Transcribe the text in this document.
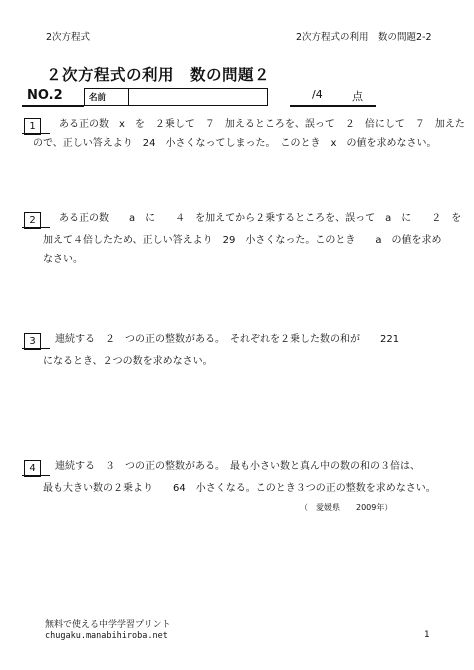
2次方程式	2次方程式の利用　数の問題2-2
２次方程式の利用　数の問題２
NO.2	名前	/4	点
1	ある正の数　x　を　２乗して　７　加えるところを、誤って　２　倍にして　７　加えた
ので、正しい答えより　24　小さくなってしまった。　このとき　x　の値を求めなさい。
2	ある正の数　　a　に　　４　を加えてから２乗するところを、誤って　a　に　　２　を
加えて４倍したため、正しい答えより　29　小さくなった。このとき　　a　の値を求め
なさい。
3	連続する　２　つの正の整数がある。　それぞれを２乗した数の和が　　221
になるとき、２つの数を求めなさい。
4	連続する　３　つの正の整数がある。　最も小さい数と真ん中の数の和の３倍は、
最も大きい数の２乗より　　64　小さくなる。このとき３つの正の整数を求めなさい。
（　愛媛県　　2009年）
無料で使える中学学習プリント
chugaku.manabihiroba.net	1
